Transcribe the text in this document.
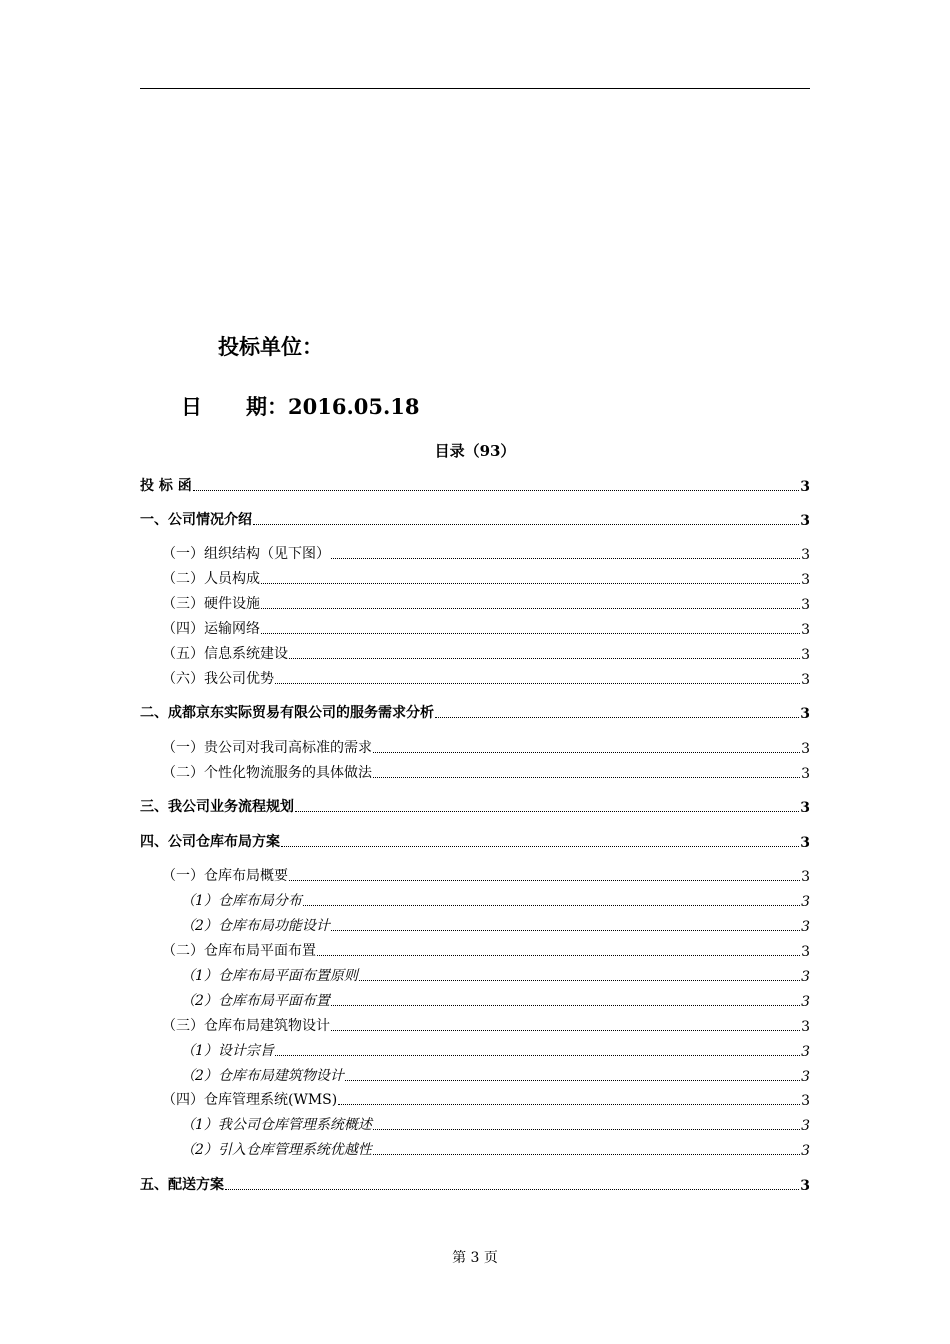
投标单位：
日 期：2016.05.18
目录（93）
投 标 函	3
一、公司情况介绍	3
（一）组织结构（见下图）	3
（二）人员构成	3
（三）硬件设施	3
（四）运输网络	3
（五）信息系统建设	3
（六）我公司优势	3
二、成都京东实际贸易有限公司的服务需求分析	3
（一）贵公司对我司高标准的需求	3
（二）个性化物流服务的具体做法	3
三、我公司业务流程规划	3
四、公司仓库布局方案	3
（一）仓库布局概要	3
（1）仓库布局分布	3
（2）仓库布局功能设计	3
（二）仓库布局平面布置	3
（1）仓库布局平面布置原则	3
（2）仓库布局平面布置	3
（三）仓库布局建筑物设计	3
（1）设计宗旨	3
（2）仓库布局建筑物设计	3
（四）仓库管理系统(WMS)	3
（1）我公司仓库管理系统概述	3
（2）引入仓库管理系统优越性	3
五、配送方案	3
第 3 页
